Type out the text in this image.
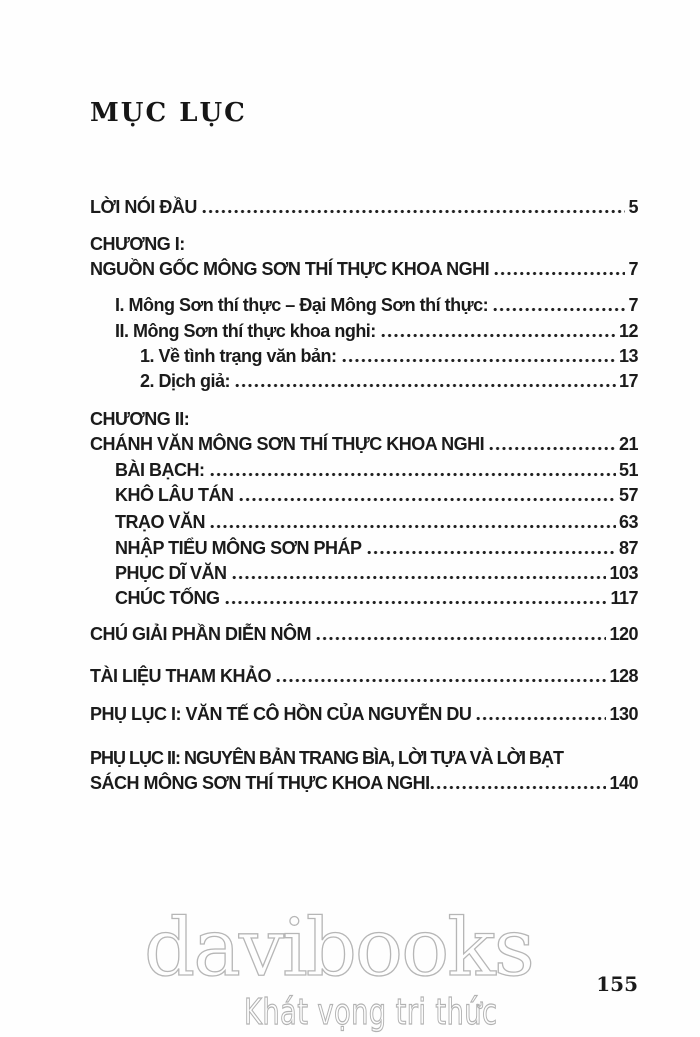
MỤC LỤC
LỜI NÓI ĐẦU	5
CHƯƠNG I:
NGUỒN GỐC MÔNG SƠN THÍ THỰC KHOA NGHI	7
I. Mông Sơn thí thực – Đại Mông Sơn thí thực:	7
II. Mông Sơn thí thực khoa nghi:	12
1. Về tình trạng văn bản:	13
2. Dịch giả:	17
CHƯƠNG II:
CHÁNH VĂN MÔNG SƠN THÍ THỰC KHOA NGHI	21
BÀI BẠCH:	51
KHÔ LÂU TÁN	57
TRẠO VĂN	63
NHẬP TIỂU MÔNG SƠN PHÁP	87
PHỤC DĨ VĂN	103
CHÚC TỐNG	117
CHÚ GIẢI PHẦN DIỄN NÔM	120
TÀI LIỆU THAM KHẢO	128
PHỤ LỤC I: VĂN TẾ CÔ HỒN CỦA NGUYỄN DU	130
PHỤ LỤC II: NGUYÊN BẢN TRANG BÌA, LỜI TỰA VÀ LỜI BẠT
SÁCH MÔNG SƠN THÍ THỰC KHOA NGHI	140
davibooks
Khát vọng tri thức
155
